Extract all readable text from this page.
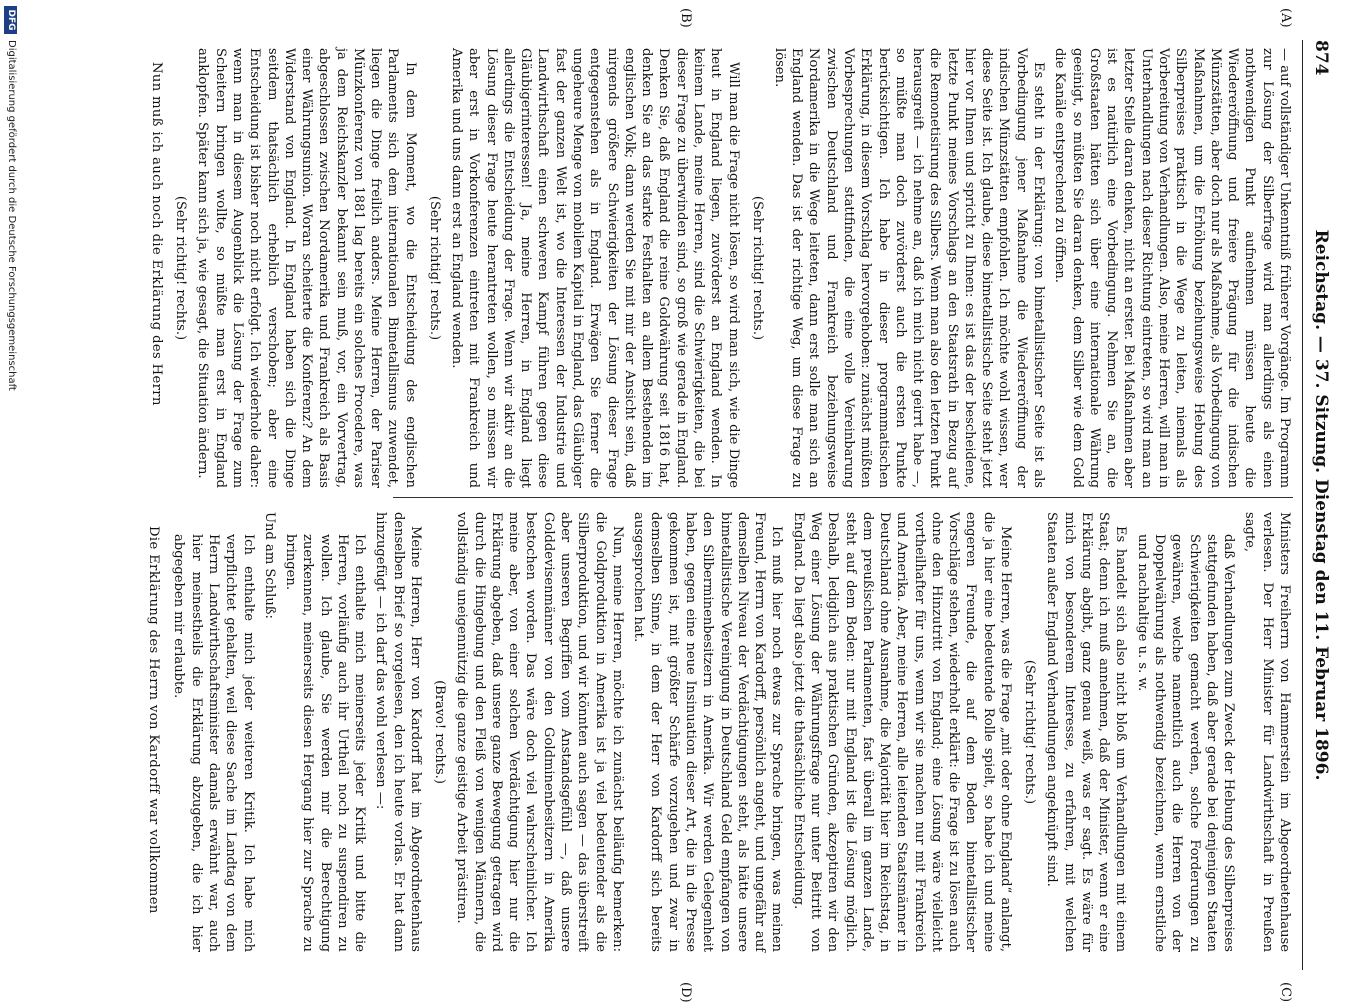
874
Reichstag. — 37. Sitzung. Dienstag den 11. Februar 1896.
(A)
(B)
(C)
(D)

— auf vollständiger Unkenntniß früherer Vorgänge. Im Programm zur Lösung der Silberfrage wird man allerdings als einen nothwendigen Punkt aufnehmen müssen heute die Wiedereröffnung und freiere Prägung für die indischen Münzstätten, aber doch nur als Maßnahme, als Vorbedingung von Maßnahmen, um die Erhöhung beziehungsweise Hebung des Silberpreises praktisch in die Wege zu leiten, niemals als Vorbereitung von Verhandlungen. Also, meine Herren, will man in Unterhandlungen nach dieser Richtung eintreten, so wird man an letzter Stelle daran denken, nicht an erster. Bei Maßnahmen aber ist es natürlich eine Vorbedingung. Nehmen Sie an, die Großstaaten hätten sich über eine internationale Währung geeinigt, so müßten Sie daran denken, dem Silber wie dem Gold die Kanäle entsprechend zu öffnen.

Es steht in der Erklärung: von bimetallistischer Seite ist als Vorbedingung jener Maßnahme die Wiedereröffnung der indischen Münzstätten empfohlen. Ich möchte wohl wissen, wer diese Seite ist. Ich glaube, diese bimetallistische Seite steht jetzt hier vor Ihnen und spricht zu Ihnen: es ist das der bescheidene, letzte Punkt meines Vorschlags an den Staatsrath in Bezug auf die Remonetisirung des Silbers. Wenn man also den letzten Punkt herausgreift — ich nehme an, daß ich mich nicht geirrt habe —, so müßte man doch zuvörderst auch die ersten Punkte berücksichtigen. Ich habe in dieser programmatischen Erklärung, in diesem Vorschlag hervorgehoben: zunächst müßten Vorbesprechungen stattfinden, die eine volle Vereinbarung zwischen Deutschland und Frankreich beziehungsweise Nordamerika in die Wege leiteten, dann erst solle man sich an England wenden. Das ist der richtige Weg, um diese Frage zu lösen.

(Sehr richtig! rechts.)

Will man die Frage nicht lösen, so wird man sich, wie die Dinge heut in England liegen, zuvörderst an England wenden. In keinem Lande, meine Herren, sind die Schwierigkeiten, die bei dieser Frage zu überwinden sind, so groß wie gerade in England. Denken Sie, daß England die reine Goldwährung seit 1816 hat, denken Sie an das starke Festhalten an allem Bestehenden im englischen Volk; dann werden Sie mit mir der Ansicht sein, daß nirgends größere Schwierigkeiten der Lösung dieser Frage entgegenstehen als in England. Erwägen Sie ferner die ungeheure Menge von mobilem Kapital in England, das Gläubiger fast der ganzen Welt ist, wo die Interessen der Industrie und Landwirthschaft einen schweren Kampf führen gegen diese Gläubigerinteressen! Ja, meine Herren, in England liegt allerdings die Entscheidung der Frage. Wenn wir aktiv an die Lösung dieser Frage heute herantreten wollen, so müssen wir aber erst in Vorkonferenzen eintreten mit Frankreich und Amerika und uns dann erst an England wenden.

(Sehr richtig! rechts.)

In dem Moment, wo die Entscheidung des englischen Parlaments sich dem internationalen Bimetallismus zuwendet, liegen die Dinge freilich anders. Meine Herren, der Pariser Münzkonferenz von 1881 lag bereits ein solches Procedere, was ja dem Reichskanzler bekannt sein muß, vor, ein Vorvertrag, abgeschlossen zwischen Nordamerika und Frankreich als Basis einer Währungsunion. Woran scheiterte die Konferenz? An dem Widerstand von England. In England haben sich die Dinge seitdem thatsächlich erheblich verschoben; aber eine Entscheidung ist bisher noch nicht erfolgt. Ich wiederhole daher: wenn man in diesem Augenblick die Lösung der Frage zum Scheitern bringen wollte, so müßte man erst in England anklopfen. Später kann sich ja, wie gesagt, die Situation ändern.

(Sehr richtig! rechts.)

Nun muß ich auch noch die Erklärung des Herrn

Ministers Freiherrn von Hammerstein im Abgeordnetenhause verlesen. Der Herr Minister für Landwirthschaft in Preußen sagte,

daß Verhandlungen zum Zweck der Hebung des Silberpreises stattgefunden haben, daß aber gerade bei denjenigen Staaten Schwierigkeiten gemacht werden, solche Forderungen zu gewähren, welche namentlich auch die Herren von der Doppelwährung als nothwendig bezeichnen, wenn ernstliche und nachhaltige u. s. w.

Es handelt sich also nicht bloß um Verhandlungen mit einem Staat; denn ich muß annehmen, daß der Minister, wenn er eine Erklärung abgibt, ganz genau weiß, was er sagt. Es wäre für mich von besonderem Interesse, zu erfahren, mit welchen Staaten außer England Verhandlungen angeknüpft sind.

(Sehr richtig! rechts.)

Meine Herren, was die Frage „mit oder ohne England“ anlangt, die ja hier eine bedeutende Rolle spielt, so habe ich und meine engeren Freunde, die auf dem Boden bimetallistischer Vorschläge stehen, wiederholt erklärt: die Frage ist zu lösen auch ohne den Hinzutritt von England; eine Lösung wäre vielleicht vortheilhafter für uns, wenn wir sie machen nur mit Frankreich und Amerika. Aber, meine Herren, alle leitenden Staatsmänner in Deutschland ohne Ausnahme, die Majorität hier im Reichstag, in dem preußischen Parlamenten, fast überall im ganzen Lande, steht auf dem Boden: nur mit England ist die Lösung möglich. Deshalb, lediglich aus praktischen Gründen, akzeptiren wir den Weg einer Lösung der Währungsfrage nur unter Beitritt von England. Da liegt also jetzt die thatsächliche Entscheidung.

Ich muß hier noch etwas zur Sprache bringen, was meinen Freund, Herrn von Kardorff, persönlich angeht, und ungefähr auf demselben Niveau der Verdächtigungen steht, als hätte unsere bimetallistische Vereinigung in Deutschland Geld empfangen von den Silberminenbesitzern in Amerika. Wir werden Gelegenheit haben, gegen eine neue Insinuation dieser Art, die in die Presse gekommen ist, mit größter Schärfe vorzugehen und zwar in demselben Sinne, in dem der Herr von Kardorff sich bereits ausgesprochen hat.

Nun, meine Herren, möchte ich zunächst beiläufig bemerken: die Goldproduktion in Amerika ist ja viel bedeutender als die Silberproduktion, und wir könnten auch sagen — das überstreift aber unseren Begriffen vom Anstandsgefühl —, daß unsere Golddevisenmänner von den Goldminenbesitzern in Amerika bestochen worden. Das wäre doch viel wahrscheinlicher. Ich meine aber, von einer solchen Verdächtigung hier nur die Erklärung abgeben, daß unsere ganze Bewegung getragen wird durch die Hingebung und den Fleiß von wenigen Männern, die vollständig uneigennützig die ganze geistige Arbeit prästiren.

(Bravo! rechts.)

Meine Herren, Herr von Kardorff hat im Abgeordnetenhaus denselben Brief so vorgelesen, den ich heute vorlas. Er hat dann hinzugefügt — ich darf das wohl verlesen —:

Ich enthalte mich meinerseits jeder Kritik und bitte die Herren, vorläufig auch ihr Urtheil noch zu suspendiren zu wollen. Ich glaube, Sie werden mir die Berechtigung zuerkennen, meinerseits diesen Hergang hier zur Sprache zu bringen.

Und am Schluß:

Ich enthalte mich jeder weiteren Kritik. Ich habe mich verpflichtet gehalten, weil diese Sache im Landtag von dem Herrn Landwirthschaftsminister damals erwähnt war, auch hier meinestheils die Erklärung abzugeben, die ich hier abgegeben mir erlaubte.

Die Erklärung des Herrn von Kardorff war vollkommen

DFG
Digitalisierung gefördert durch die Deutsche Forschungsgemeinschaft
